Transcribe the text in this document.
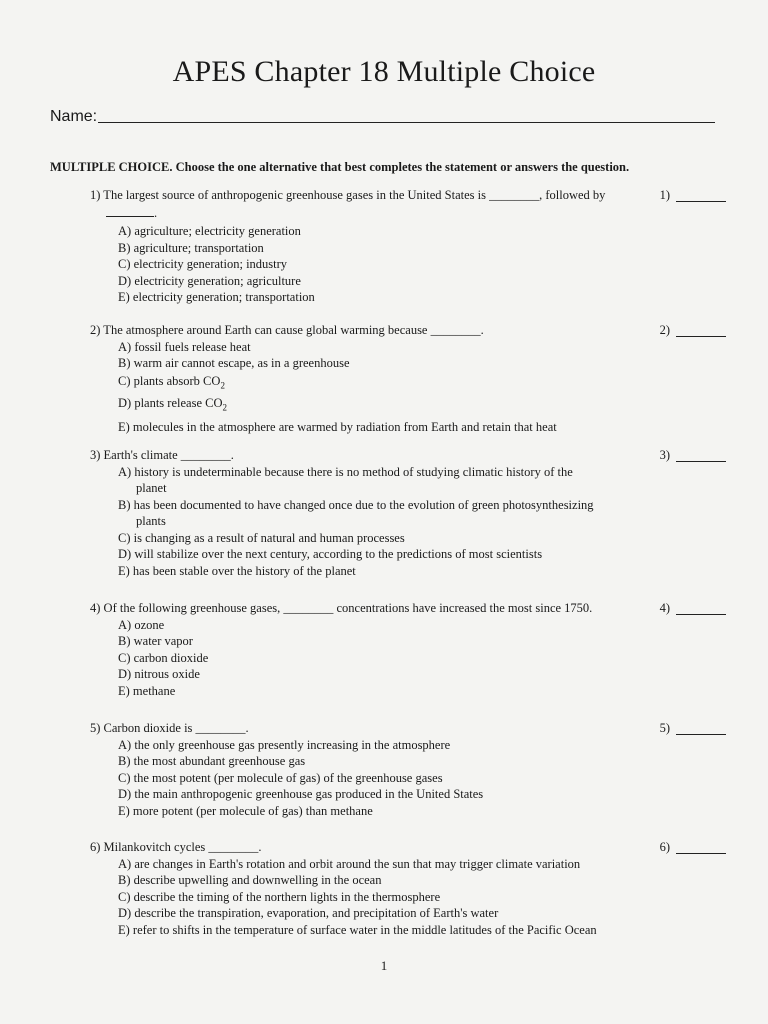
APES Chapter 18 Multiple Choice
Name:
MULTIPLE CHOICE. Choose the one alternative that best completes the statement or answers the question.
1) The largest source of anthropogenic greenhouse gases in the United States is ________, followed by
.
1)
A) agriculture; electricity generation
B) agriculture; transportation
C) electricity generation; industry
D) electricity generation; agriculture
E) electricity generation; transportation
2) The atmosphere around Earth can cause global warming because ________.	2)
A) fossil fuels release heat
B) warm air cannot escape, as in a greenhouse
C) plants absorb $CO_2$
D) plants release $CO_2$
E) molecules in the atmosphere are warmed by radiation from Earth and retain that heat
3) Earth's climate ________.	3)
A) history is undeterminable because there is no method of studying climatic history of the
planet
B) has been documented to have changed once due to the evolution of green photosynthesizing
plants
C) is changing as a result of natural and human processes
D) will stabilize over the next century, according to the predictions of most scientists
E) has been stable over the history of the planet
4) Of the following greenhouse gases, ________ concentrations have increased the most since 1750.	4)
A) ozone
B) water vapor
C) carbon dioxide
D) nitrous oxide
E) methane
5) Carbon dioxide is ________.	5)
A) the only greenhouse gas presently increasing in the atmosphere
B) the most abundant greenhouse gas
C) the most potent (per molecule of gas) of the greenhouse gases
D) the main anthropogenic greenhouse gas produced in the United States
E) more potent (per molecule of gas) than methane
6) Milankovitch cycles ________.	6)
A) are changes in Earth's rotation and orbit around the sun that may trigger climate variation
B) describe upwelling and downwelling in the ocean
C) describe the timing of the northern lights in the thermosphere
D) describe the transpiration, evaporation, and precipitation of Earth's water
E) refer to shifts in the temperature of surface water in the middle latitudes of the Pacific Ocean
1
